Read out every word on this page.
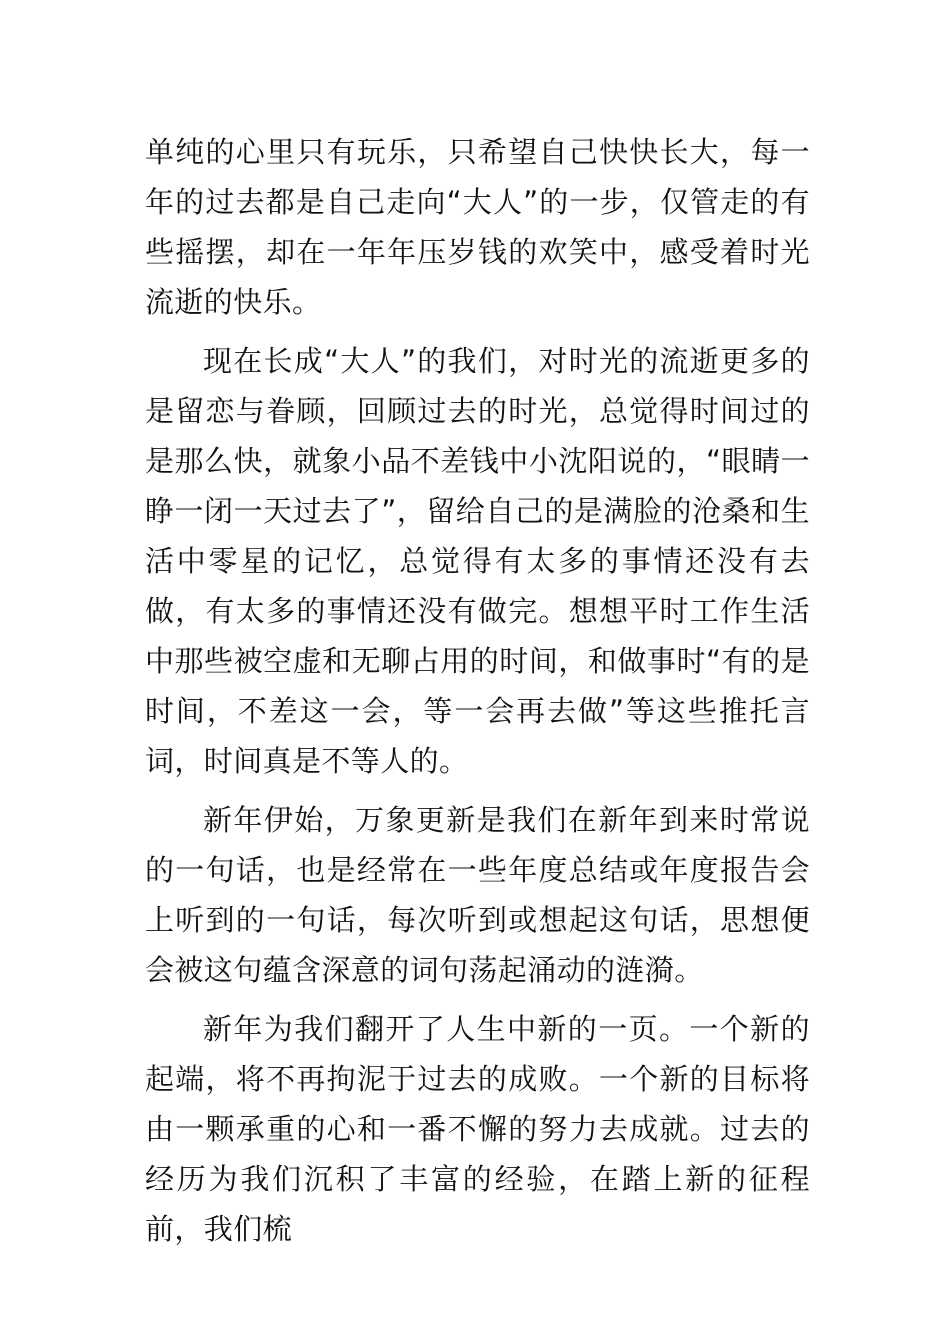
单纯的心里只有玩乐，只希望自己快快长大，每一年的过去都是自己走向“大人”的一步，仅管走的有些摇摆，却在一年年压岁钱的欢笑中，感受着时光流逝的快乐。

现在长成“大人”的我们，对时光的流逝更多的是留恋与眷顾，回顾过去的时光，总觉得时间过的是那么快，就象小品不差钱中小沈阳说的，“眼睛一睁一闭一天过去了”，留给自己的是满脸的沧桑和生活中零星的记忆，总觉得有太多的事情还没有去做，有太多的事情还没有做完。想想平时工作生活中那些被空虚和无聊占用的时间，和做事时“有的是时间，不差这一会，等一会再去做”等这些推托言词，时间真是不等人的。

新年伊始，万象更新是我们在新年到来时常说的一句话，也是经常在一些年度总结或年度报告会上听到的一句话，每次听到或想起这句话，思想便会被这句蕴含深意的词句荡起涌动的涟漪。

新年为我们翻开了人生中新的一页。一个新的起端，将不再拘泥于过去的成败。一个新的目标将由一颗承重的心和一番不懈的努力去成就。过去的经历为我们沉积了丰富的经验，在踏上新的征程前，我们梳
